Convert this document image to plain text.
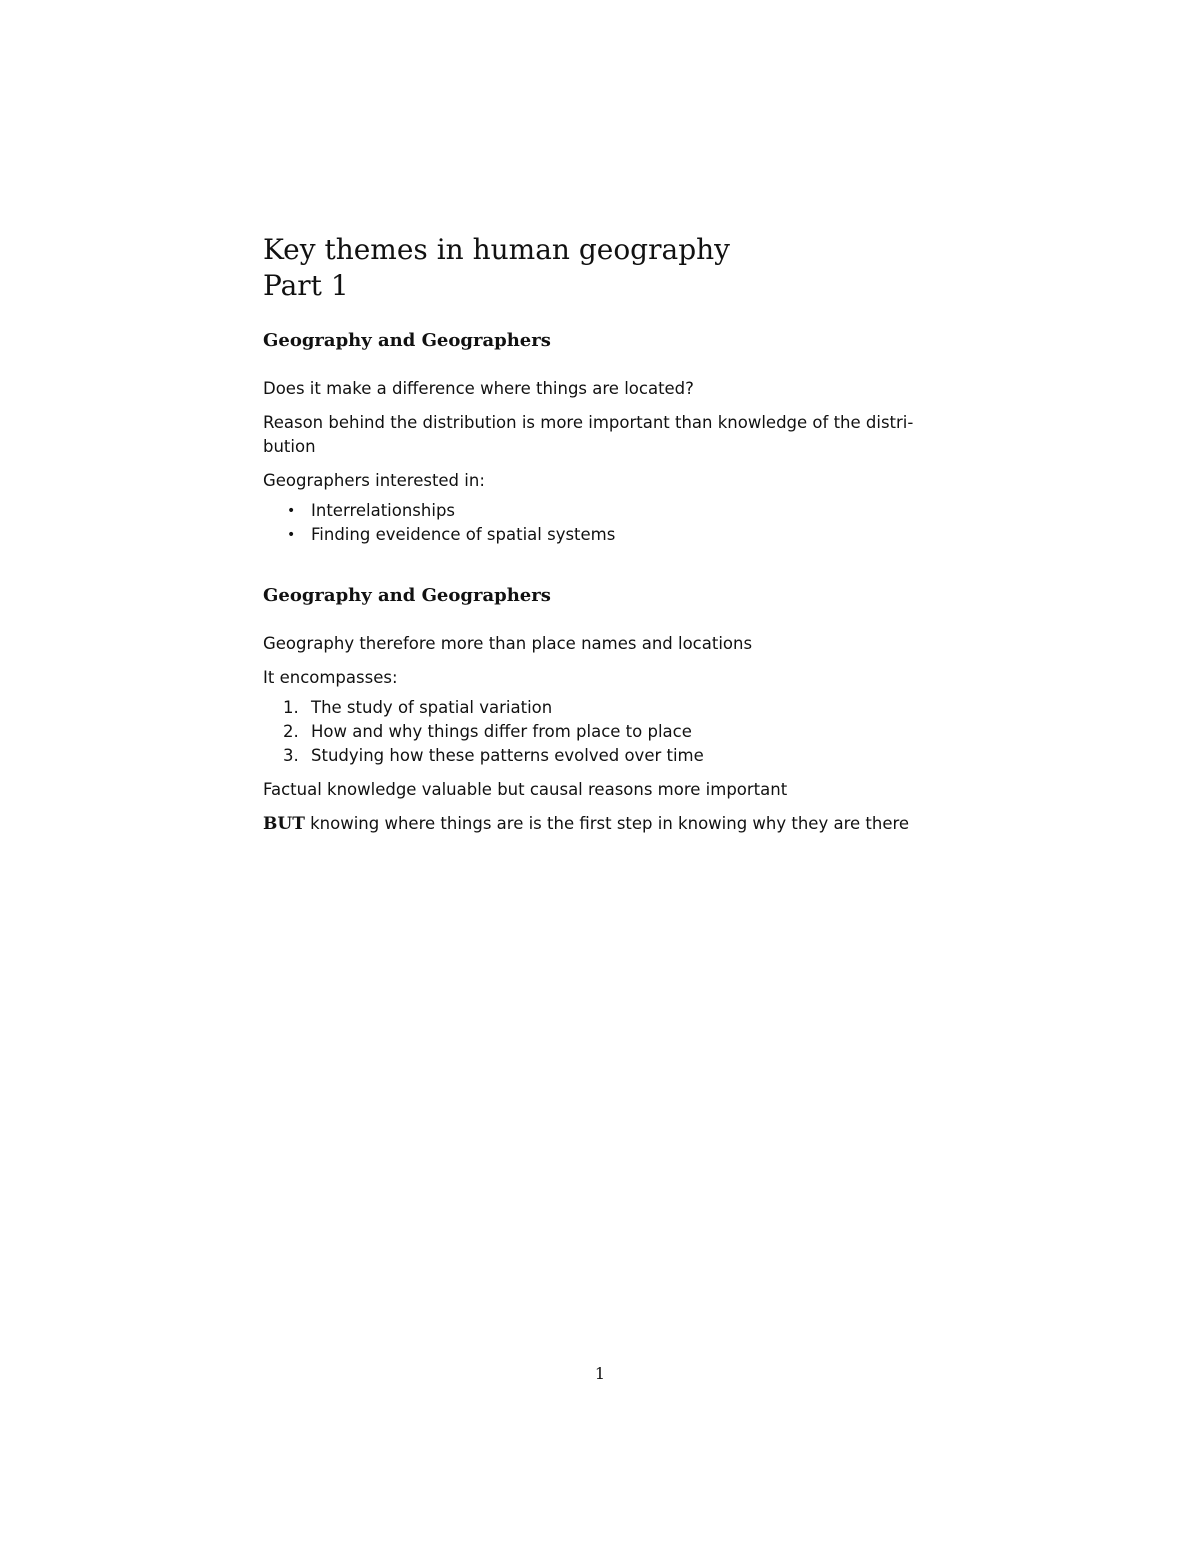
Key themes in human geography
Part 1
Geography and Geographers

Does it make a difference where things are located?

Reason behind the distribution is more important than knowledge of the distri-bution

Geographers interested in:

• Interrelationships
• Finding eveidence of spatial systems
Geography and Geographers

Geography therefore more than place names and locations

It encompasses:

1. The study of spatial variation
2. How and why things differ from place to place
3. Studying how these patterns evolved over time

Factual knowledge valuable but causal reasons more important

BUT knowing where things are is the first step in knowing why they are there

1
